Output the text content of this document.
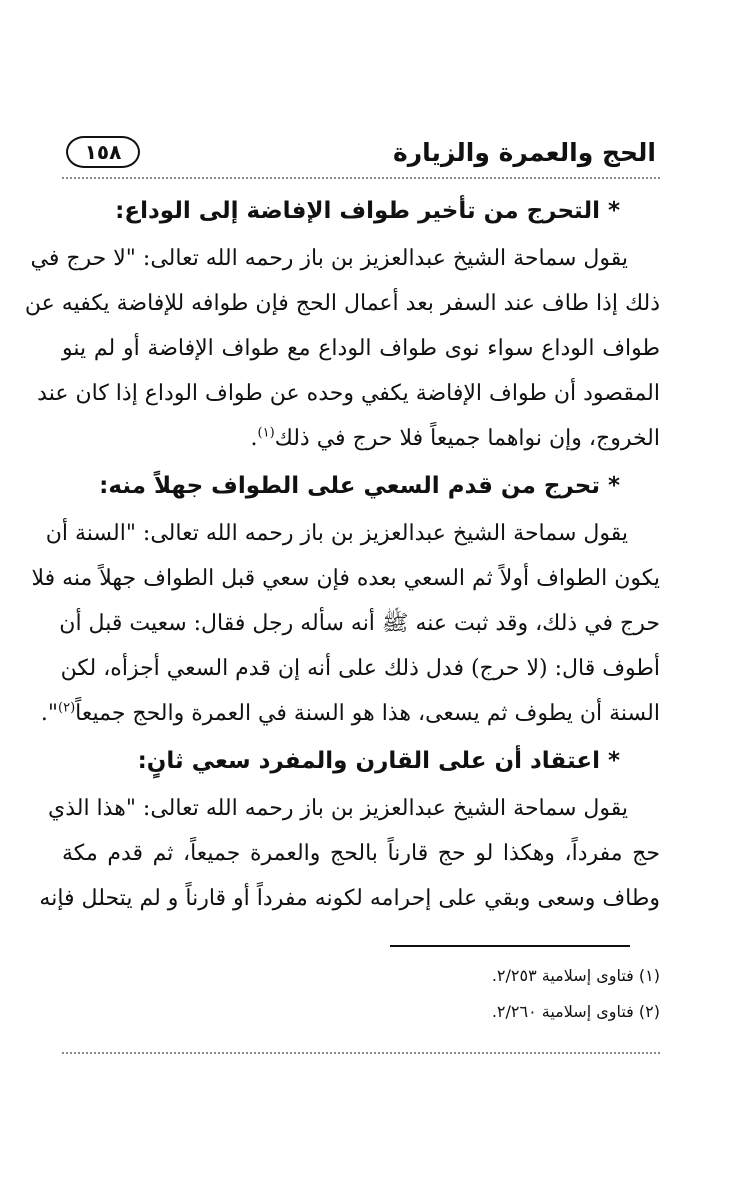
الحج والعمرة والزيارة
١٥٨
* التحرج من تأخير طواف الإفاضة إلى الوداع:
يقول سماحة الشيخ عبدالعزيز بن باز رحمه الله تعالى: "لا حرج في
ذلك إذا طاف عند السفر بعد أعمال الحج فإن طوافه للإفاضة يكفيه عن
طواف الوداع سواء نوى طواف الوداع مع طواف الإفاضة أو لم ينو
المقصود أن طواف الإفاضة يكفي وحده عن طواف الوداع إذا كان عند
الخروج، وإن نواهما جميعاً فلا حرج في ذلك$^{(١)}$.
* تحرج من قدم السعي على الطواف جهلاً منه:
يقول سماحة الشيخ عبدالعزيز بن باز رحمه الله تعالى: "السنة أن
يكون الطواف أولاً ثم السعي بعده فإن سعي قبل الطواف جهلاً منه فلا
حرج في ذلك، وقد ثبت عنه ﷺ أنه سأله رجل فقال: سعيت قبل أن
أطوف قال: (لا حرج) فدل ذلك على أنه إن قدم السعي أجزأه، لكن
السنة أن يطوف ثم يسعى، هذا هو السنة في العمرة والحج جميعاً$^{(٢)}$".
* اعتقاد أن على القارن والمفرد سعي ثانٍ:
يقول سماحة الشيخ عبدالعزيز بن باز رحمه الله تعالى: "هذا الذي
حج مفرداً، وهكذا لو حج قارناً بالحج والعمرة جميعاً، ثم قدم مكة
وطاف وسعى وبقي على إحرامه لكونه مفرداً أو قارناً و لم يتحلل فإنه
(١) فتاوى إسلامية ٢/٢٥٣.
(٢) فتاوى إسلامية ٢/٢٦٠.
